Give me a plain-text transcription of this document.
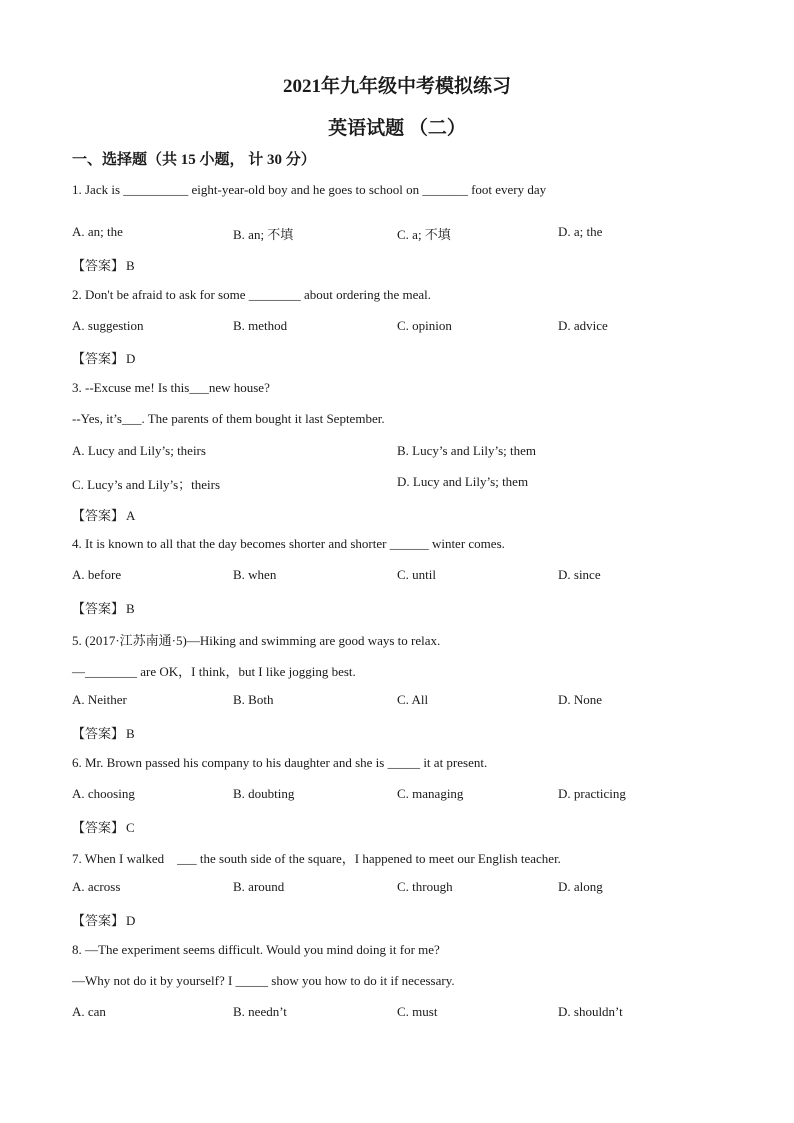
2021年九年级中考模拟练习
英语试题 （二）
一、选择题（共 15 小题， 计 30 分）
1. Jack is __________ eight-year-old boy and he goes to school on _______ foot every day
A. an; the	B. an; 不填	C. a; 不填	D. a; the
【答案】 B
2. Don't be afraid to ask for some ________ about ordering the meal.
A. suggestion	B. method	C. opinion	D. advice
【答案】 D
3. --Excuse me! Is this___new house?
--Yes, it’s___. The parents of them bought it last September.
A. Lucy and Lily’s; theirs	B. Lucy’s and Lily’s; them
C. Lucy’s and Lily’s；theirs	D. Lucy and Lily’s; them
【答案】 A
4. It is known to all that the day becomes shorter and shorter ______ winter comes.
A. before	B. when	C. until	D. since
【答案】 B
5. (2017·江苏南通·5)—Hiking and swimming are good ways to relax.
—________ are OK，I think，but I like jogging best.
A. Neither	B. Both	C. All	D. None
【答案】 B
6. Mr. Brown passed his company to his daughter and she is _____ it at present.
A. choosing	B. doubting	C. managing	D. practicing
【答案】 C
7. When I walked    ___ the south side of the square，I happened to meet our English teacher.
A. across	B. around	C. through	D. along
【答案】 D
8. —The experiment seems difficult. Would you mind doing it for me?
—Why not do it by yourself? I _____ show you how to do it if necessary.
A. can	B. needn’t	C. must	D. shouldn’t
